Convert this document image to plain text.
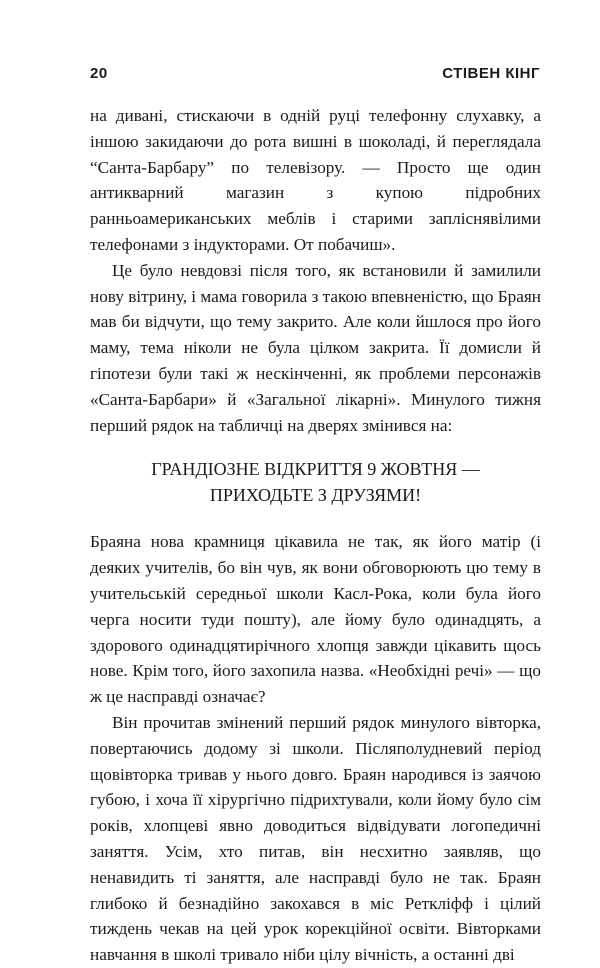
20	СТІВЕН КІНГ

на дивані, стискаючи в одній руці телефонну слухавку, а іншою закидаючи до рота вишні в шоколаді, й переглядала “Санта-Барбару” по телевізору. — Просто ще один антикварний магазин з купою підробних ранньоамериканських меблів і старими запліснявілими телефонами з індукторами. От побачиш».

Це було невдовзі після того, як встановили й замилили нову вітрину, і мама говорила з такою впевненістю, що Браян мав би відчути, що тему закрито. Але коли йшлося про його маму, тема ніколи не була цілком закрита. Її домисли й гіпотези були такі ж нескінченні, як проблеми персонажів «Санта-Барбари» й «Загальної лікарні». Минулого тижня перший рядок на табличці на дверях змінився на:

ГРАНДІОЗНЕ ВІДКРИТТЯ 9 ЖОВТНЯ —
ПРИХОДЬТЕ З ДРУЗЯМИ!

Браяна нова крамниця цікавила не так, як його матір (і деяких учителів, бо він чув, як вони обговорюють цю тему в учительській середньої школи Касл-Рока, коли була його черга носити туди пошту), але йому було одинадцять, а здорового одинадцятирічного хлопця завжди цікавить щось нове. Крім того, його захопила назва. «Необхідні речі» — що ж це насправді означає?

Він прочитав змінений перший рядок минулого вівторка, повертаючись додому зі школи. Післяполудневий період щовівторка тривав у нього довго. Браян народився із заячою губою, і хоча її хірургічно підрихтували, коли йому було сім років, хлопцеві явно доводиться відвідувати логопедичні заняття. Усім, хто питав, він несхитно заявляв, що ненавидить ті заняття, але насправді було не так. Браян глибоко й безнадійно закохався в міс Ретклiфф і цілий тиждень чекав на цей урок корекційної освіти. Вівторками навчання в школі тривало ніби цілу вічність, а останні дві
